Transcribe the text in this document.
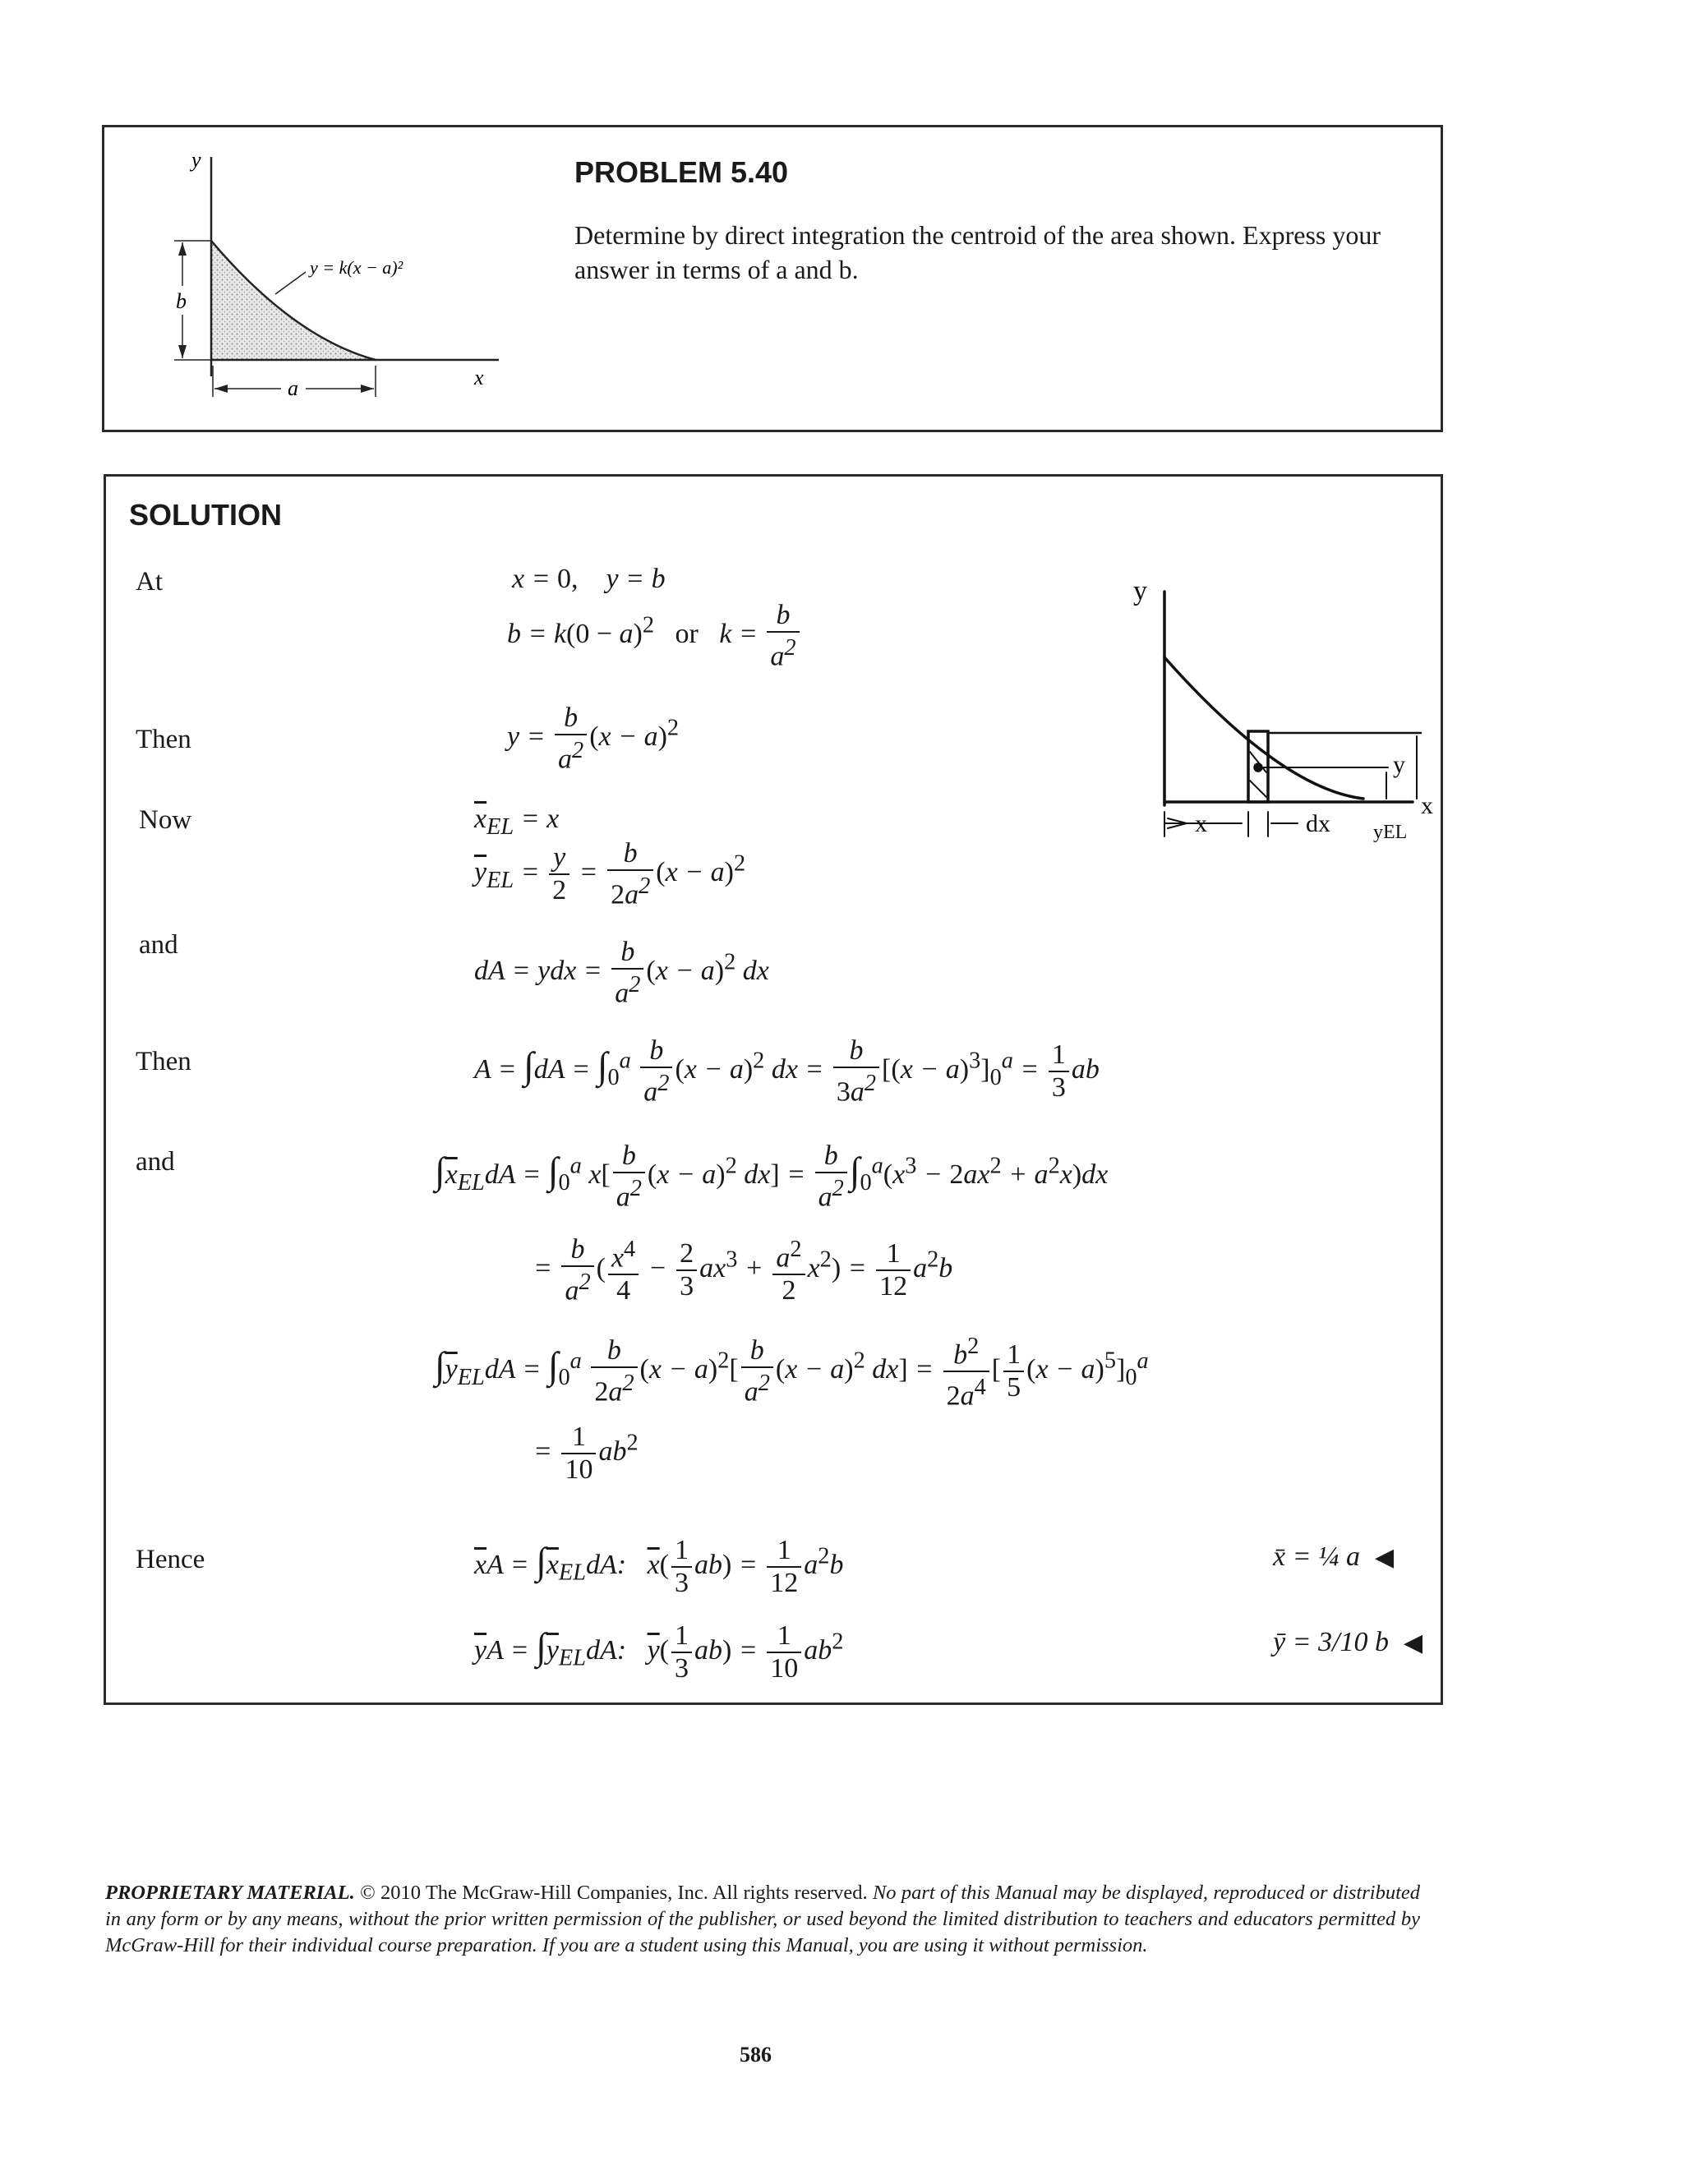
y
x
y = k(x − a)²
b
a
PROBLEM 5.40
Determine by direct integration the centroid of the area shown. Express your answer in terms of a and b.
SOLUTION
At
Then
Now
and
Then
and
Hence
x = 0,    y = b
$b = k(0 - a)^2$ or   $k = \frac{b}{a^2}$
$y = \frac{b}{a^2} (x - a)^2$
$\overline{x}_{EL} = x$
$\overline{y}_{EL} = \frac{y}{2} = \frac{b}{2a^2} (x - a)^2$
dA = ydx = $\frac{b}{a^2} (x - a)^2$ dx
$A = \int dA = \int_0^a \frac{b}{a^2} (x - a)^2$ dx = $\frac{b}{3a^2} [(x - a)^3]_0^a = \frac{1}{3}$ ab
$\int\overline{x}_{EL}dA = \int_0^a$ $x[ \frac{b}{a^2} (x - a)^2$ $dx] = \frac{b}{a^2} \int_0^a(x^3 - 2ax^2 + a^2x)dx$
= $\frac{b}{a^2}$ ( $\frac{x^4}{4} - \frac{2}{3} ax^3 + \frac{a^2}{2} x^2) = \frac{1}{12} a^2b$
$\int\overline{y}_{EL}dA = \int_0^a \frac{b}{2a^2} (x - a)^2[ \frac{b}{a^2} (x - a)^2$ $dx] = \frac{b^2}{2a^4}$ [ $\frac{1}{5} (x - a)^5]_0^a$
= $\frac{1}{10} ab^2$
$\overline{x}A = \int\overline{x}_{EL}dA$:   $\overline{x}( \frac{1}{3} ab) = \frac{1}{12} a^2b$
$\overline{y}A = \int\overline{y}_{EL}dA$:   $\overline{y}( \frac{1}{3} ab) = \frac{1}{10} ab^2$
x̄ = ¼ a ◀
ȳ = 3/10 b ◀
y
x
y
x	dx yEL
PROPRIETARY MATERIAL. © 2010 The McGraw-Hill Companies, Inc. All rights reserved. No part of this Manual may be displayed, reproduced or distributed in any form or by any means, without the prior written permission of the publisher, or used beyond the limited distribution to teachers and educators permitted by McGraw-Hill for their individual course preparation. If you are a student using this Manual, you are using it without permission.
586
